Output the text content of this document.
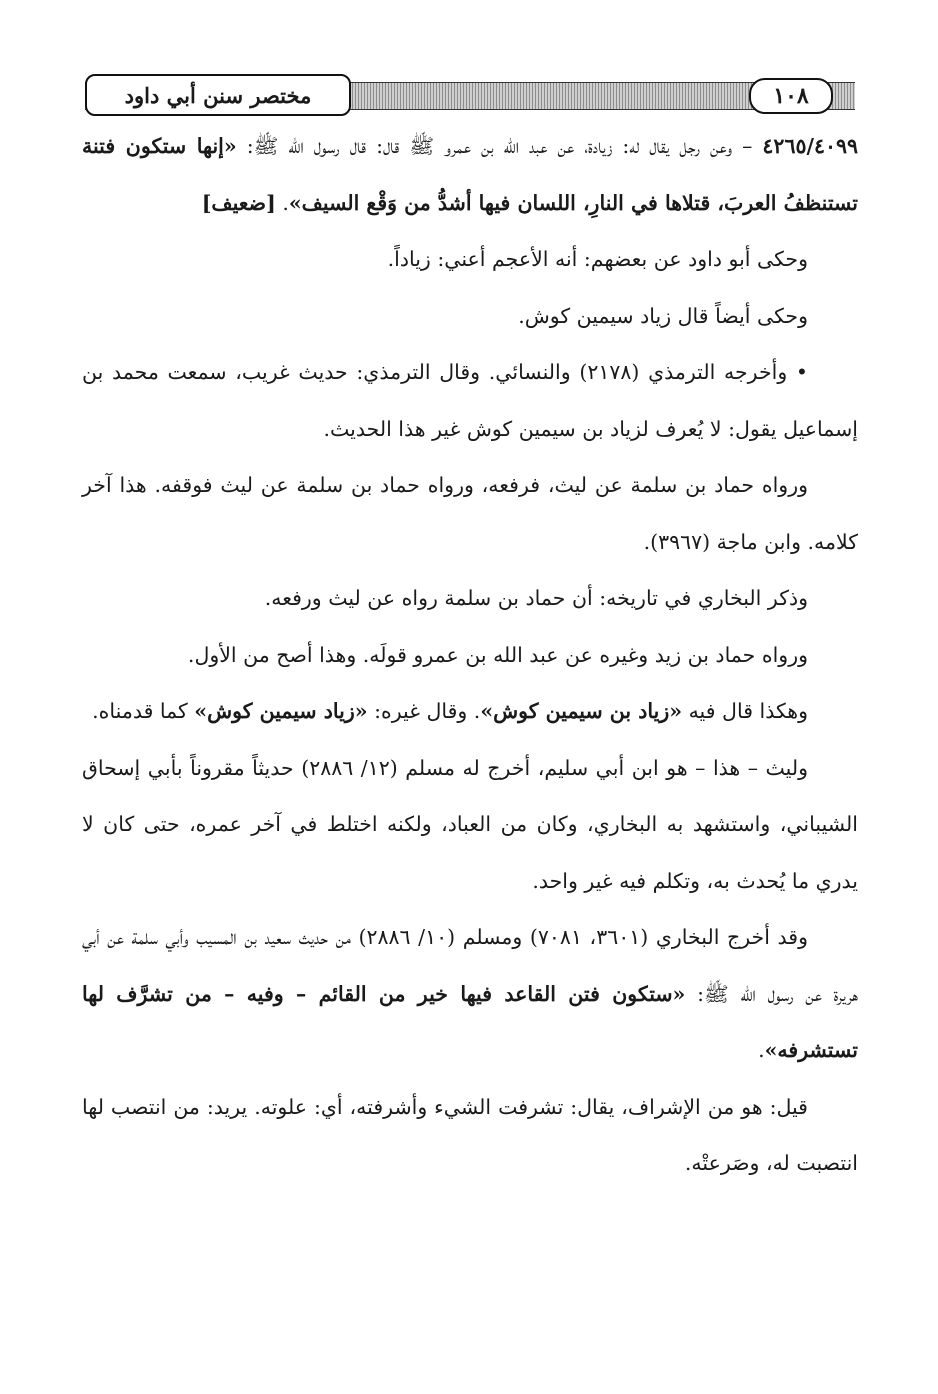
مختصر سنن أبي داود	١٠٨

٤٢٦٥/٤٠٩٩ – وعن رجل يقال له: زيادة، عن عبد الله بن عمرو ﷺ قال: قال رسول الله ﷺ: «إنها ستكون فتنة تستنظفُ العربَ، قتلاها في النارِ، اللسان فيها أشدُّ من وَقْع السيف». [ضعيف]

وحكى أبو داود عن بعضهم: أنه الأعجم أعني: زياداً.

وحكى أيضاً قال زياد سيمين كوش.

• وأخرجه الترمذي (٢١٧٨) والنسائي. وقال الترمذي: حديث غريب، سمعت محمد بن إسماعيل يقول: لا يُعرف لزياد بن سيمين كوش غير هذا الحديث.

ورواه حماد بن سلمة عن ليث، فرفعه، ورواه حماد بن سلمة عن ليث فوقفه. هذا آخر كلامه. وابن ماجة (٣٩٦٧).

وذكر البخاري في تاريخه: أن حماد بن سلمة رواه عن ليث ورفعه.

ورواه حماد بن زيد وغيره عن عبد الله بن عمرو قولَه. وهذا أصح من الأول.

وهكذا قال فيه «زياد بن سيمين كوش». وقال غيره: «زياد سيمين كوش» كما قدمناه.

وليث – هذا – هو ابن أبي سليم، أخرج له مسلم (١٢/ ٢٨٨٦) حديثاً مقروناً بأبي إسحاق الشيباني، واستشهد به البخاري، وكان من العباد، ولكنه اختلط في آخر عمره، حتى كان لا يدري ما يُحدث به، وتكلم فيه غير واحد.

وقد أخرج البخاري (٣٦٠١، ٧٠٨١) ومسلم (١٠/ ٢٨٨٦) من حديث سعيد بن المسيب وأبي سلمة عن أبي هريرة عن رسول الله ﷺ: «ستكون فتن القاعد فيها خير من القائم – وفيه – من تشرَّف لها تستشرفه».

قيل: هو من الإشراف، يقال: تشرفت الشيء وأشرفته، أي: علوته. يريد: من انتصب لها انتصبت له، وصَرعتْه.
